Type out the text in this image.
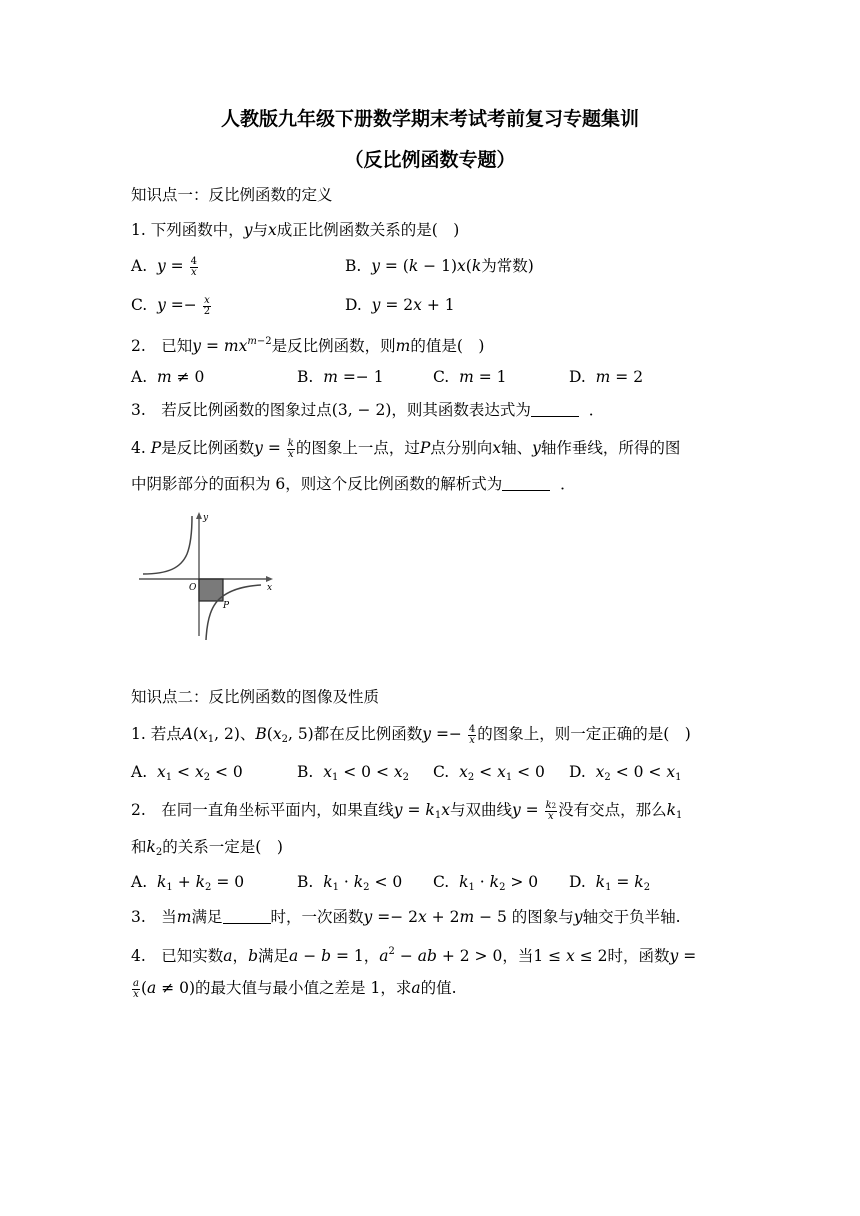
人教版九年级下册数学期末考试考前复习专题集训
（反比例函数专题）
知识点一：反比例函数的定义
1. 下列函数中，y与x成正比例函数关系的是(　)
A. $y = \frac{4}{x}$	B. y = (k − 1)x(k为常数)
C. $y =- \frac{x}{2}$	D. y = 2x + 1
2.　已知$y = mx^{m-2}$是反比例函数，则m的值是(　)
A. m ≠ 0	B. m =− 1	C. m = 1	D. m = 2
3.　若反比例函数的图象过点(3, − 2)，则其函数表达式为	．
4. P是反比例函数$y = \frac{k}{x}$ 的图象上一点，过P点分别向x轴、y轴作垂线，所得的图
中阴影部分的面积为 6，则这个反比例函数的解析式为	．
y
x
O
P
知识点二：反比例函数的图像及性质
1. 若点$A(x_1$, 2)、$B(x_2$, 5)都在反比例函数$y =- \frac{4}{x}$ 的图象上，则一定正确的是(　)
A. $x_1 < x_2 < 0$	B. $x_1 < 0 < x_2$ C. $x_2 < x_1 < 0$ D. $x_2 < 0 < x_1$
2.　在同一直角坐标平面内，如果直线$y = k_1x$与双曲线$y = \frac{k2}{x}$ 没有交点，那么$k_1$
和$k_2$的关系一定是(　)
A. $k_1 + k_2 = 0$	B. $k_1 \cdot k_2 < 0$ C. $k_1 \cdot k_2 > 0$ D. $k_1 = k_2$
3.　当m满足	时，一次函数y =− 2x + 2m − 5 的图象与y轴交于负半轴.
4.　已知实数a，b满足a − b = 1，$a^2$ − ab + 2 > 0，当1 ≤ x ≤ 2时，函数y =
$\frac{a}{x} (a \ne 0)$的最大值与最小值之差是 1，求a的值.
